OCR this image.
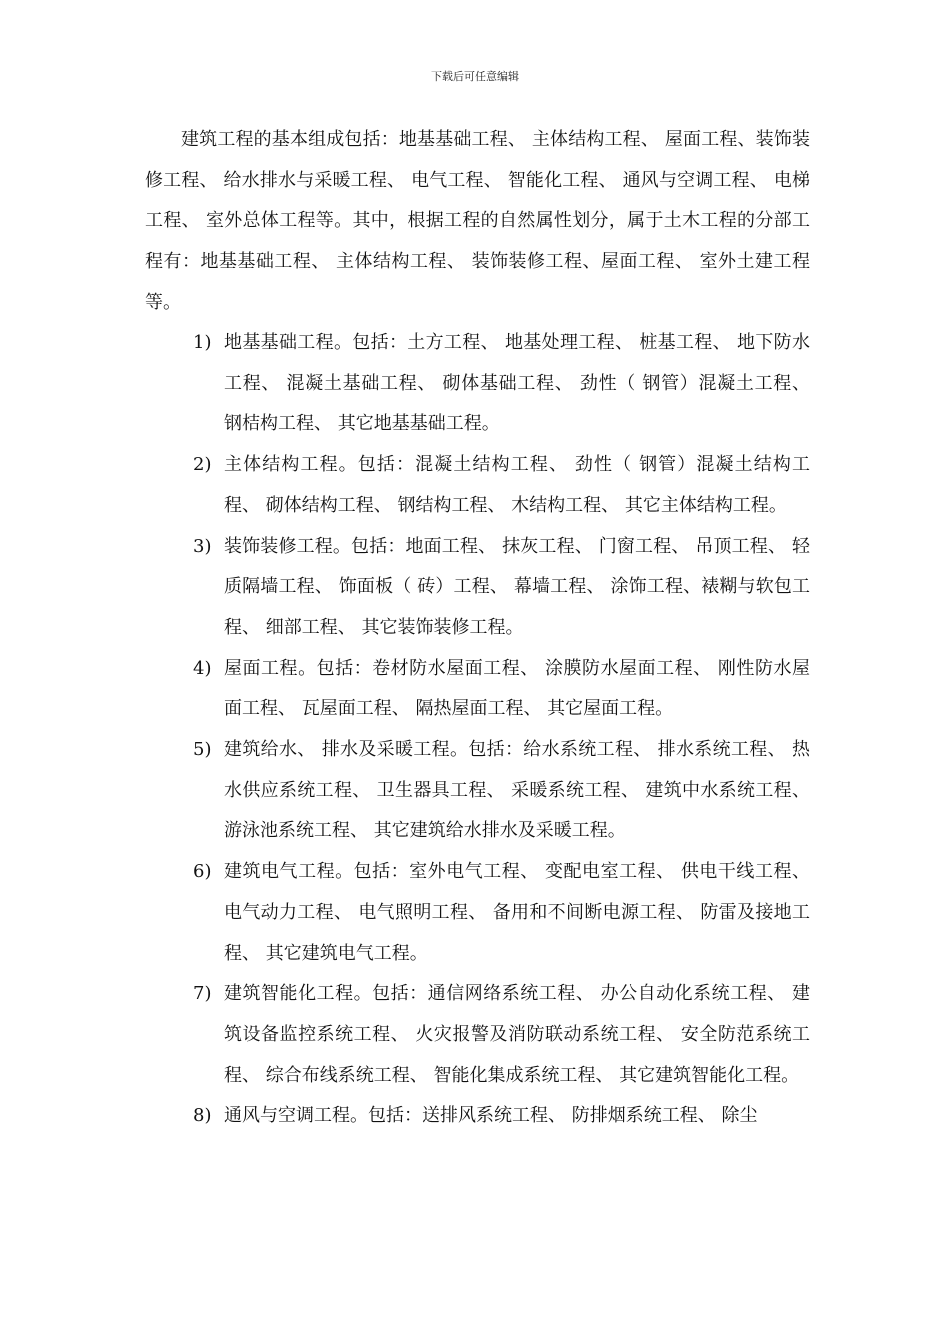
下载后可任意编辑

建筑工程的基本组成包括：地基基础工程、 主体结构工程、 屋面工程、装饰装修工程、 给水排水与采暖工程、 电气工程、 智能化工程、 通风与空调工程、 电梯工程、 室外总体工程等。其中，根据工程的自然属性划分，属于土木工程的分部工程有：地基基础工程、 主体结构工程、 装饰装修工程、屋面工程、 室外土建工程等。

1) 地基基础工程。包括：土方工程、 地基处理工程、 桩基工程、 地下防水工程、 混凝土基础工程、 砌体基础工程、 劲性（ 钢管）混凝土工程、 钢桔构工程、 其它地基基础工程。
2) 主体结构工程。包括：混凝土结构工程、 劲性（ 钢管）混凝土结构工程、 砌体结构工程、 钢结构工程、 木结构工程、 其它主体结构工程。
3) 装饰装修工程。包括：地面工程、 抹灰工程、 门窗工程、 吊顶工程、 轻质隔墙工程、 饰面板（ 砖）工程、 幕墙工程、 涂饰工程、裱糊与软包工程、 细部工程、 其它装饰装修工程。
4) 屋面工程。包括：卷材防水屋面工程、 涂膜防水屋面工程、 刚性防水屋面工程、 瓦屋面工程、 隔热屋面工程、 其它屋面工程。
5) 建筑给水、 排水及采暖工程。包括：给水系统工程、 排水系统工程、 热水供应系统工程、 卫生器具工程、 采暖系统工程、 建筑中水系统工程、 游泳池系统工程、 其它建筑给水排水及采暖工程。
6) 建筑电气工程。包括：室外电气工程、 变配电室工程、 供电干线工程、 电气动力工程、 电气照明工程、 备用和不间断电源工程、 防雷及接地工程、 其它建筑电气工程。
7) 建筑智能化工程。包括：通信网络系统工程、 办公自动化系统工程、 建筑设备监控系统工程、 火灾报警及消防联动系统工程、 安全防范系统工程、 综合布线系统工程、 智能化集成系统工程、 其它建筑智能化工程。
8) 通风与空调工程。包括：送排风系统工程、 防排烟系统工程、 除尘
